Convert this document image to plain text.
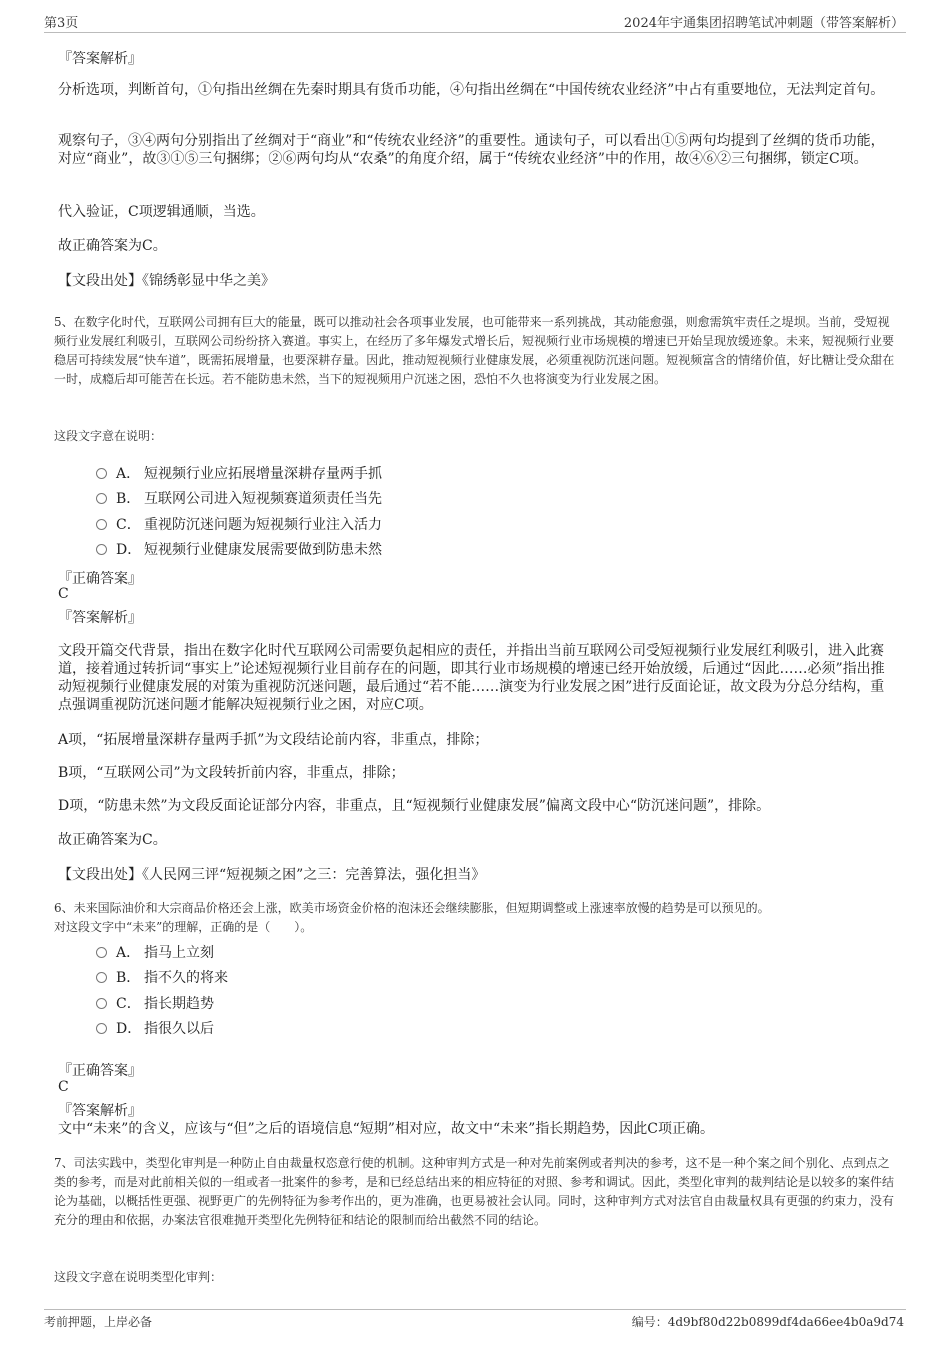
第3页	2024年宇通集团招聘笔试冲刺题（带答案解析）
『答案解析』

分析选项，判断首句，①句指出丝绸在先秦时期具有货币功能，④句指出丝绸在“中国传统农业经济”中占有重要地位，无法判定首句。

观察句子，③④两句分别指出了丝绸对于“商业”和“传统农业经济”的重要性。通读句子，可以看出①⑤两句均提到了丝绸的货币功能，对应“商业”，故③①⑤三句捆绑；②⑥两句均从“农桑”的角度介绍，属于“传统农业经济”中的作用，故④⑥②三句捆绑，锁定C项。

代入验证，C项逻辑通顺，当选。

故正确答案为C。

【文段出处】《锦绣彰显中华之美》

5、在数字化时代，互联网公司拥有巨大的能量，既可以推动社会各项事业发展，也可能带来一系列挑战，其动能愈强，则愈需筑牢责任之堤坝。当前，受短视频行业发展红利吸引，互联网公司纷纷挤入赛道。事实上，在经历了多年爆发式增长后，短视频行业市场规模的增速已开始呈现放缓迹象。未来，短视频行业要稳居可持续发展“快车道”，既需拓展增量，也要深耕存量。因此，推动短视频行业健康发展，必须重视防沉迷问题。短视频富含的情绪价值，好比糖让受众甜在一时，成瘾后却可能苦在长远。若不能防患未然，当下的短视频用户沉迷之困，恐怕不久也将演变为行业发展之困。

这段文字意在说明：
A． 短视频行业应拓展增量深耕存量两手抓
B． 互联网公司进入短视频赛道须责任当先
C． 重视防沉迷问题为短视频行业注入活力
D． 短视频行业健康发展需要做到防患未然
『正确答案』
C
『答案解析』

文段开篇交代背景，指出在数字化时代互联网公司需要负起相应的责任，并指出当前互联网公司受短视频行业发展红利吸引，进入此赛道，接着通过转折词“事实上”论述短视频行业目前存在的问题，即其行业市场规模的增速已经开始放缓，后通过“因此……必须”指出推动短视频行业健康发展的对策为重视防沉迷问题，最后通过“若不能……演变为行业发展之困”进行反面论证，故文段为分总分结构，重点强调重视防沉迷问题才能解决短视频行业之困，对应C项。

A项，“拓展增量深耕存量两手抓”为文段结论前内容，非重点，排除；

B项，“互联网公司”为文段转折前内容，非重点，排除；

D项，“防患未然”为文段反面论证部分内容，非重点，且“短视频行业健康发展”偏离文段中心“防沉迷问题”，排除。

故正确答案为C。

【文段出处】《人民网三评“短视频之困”之三：完善算法，强化担当》
6、未来国际油价和大宗商品价格还会上涨，欧美市场资金价格的泡沫还会继续膨胀，但短期调整或上涨速率放慢的趋势是可以预见的。
对这段文字中“未来”的理解，正确的是（　　）。
A． 指马上立刻
B． 指不久的将来
C． 指长期趋势
D． 指很久以后
『正确答案』
C
『答案解析』
文中“未来”的含义，应该与“但”之后的语境信息“短期”相对应，故文中“未来”指长期趋势，因此C项正确。

7、司法实践中，类型化审判是一种防止自由裁量权恣意行使的机制。这种审判方式是一种对先前案例或者判决的参考，这不是一种个案之间个别化、点到点之类的参考，而是对此前相关似的一组或者一批案件的参考，是和已经总结出来的相应特征的对照、参考和调试。因此，类型化审判的裁判结论是以较多的案件结论为基础，以概括性更强、视野更广的先例特征为参考作出的，更为准确，也更易被社会认同。同时，这种审判方式对法官自由裁量权具有更强的约束力，没有充分的理由和依据，办案法官很难抛开类型化先例特征和结论的限制而给出截然不同的结论。

这段文字意在说明类型化审判：
考前押题，上岸必备	编号：4d9bf80d22b0899df4da66ee4b0a9d74
